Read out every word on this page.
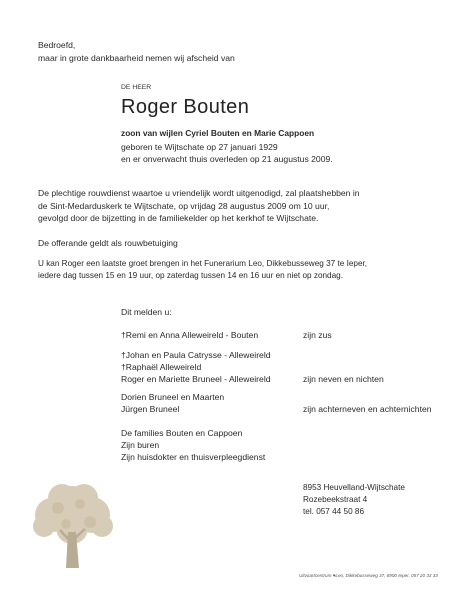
Bedroefd,
maar in grote dankbaarheid nemen wij afscheid van
DE HEER
Roger Bouten
zoon van wijlen Cyriel Bouten en Marie Cappoen
geboren te Wijtschate op 27 januari 1929
en er onverwacht thuis overleden op 21 augustus 2009.
De plechtige rouwdienst waartoe u vriendelijk wordt uitgenodigd, zal plaatshebben in
de Sint-Medarduskerk te Wijtschate, op vrijdag 28 augustus 2009 om 10 uur,
gevolgd door de bijzetting in de familiekelder op het kerkhof te Wijtschate.
De offerande geldt als rouwbetuiging
U kan Roger een laatste groet brengen in het Funerarium Leo, Dikkebusseweg 37 te Ieper,
iedere dag tussen 15 en 19 uur, op zaterdag tussen 14 en 16 uur en niet op zondag.
Dit melden u:
†Remi en Anna Alleweireld - Bouten	zijn zus
†Johan en Paula Catrysse - Alleweireld
†Raphaël Alleweireld
Roger en Mariette Bruneel - Alleweireld	zijn neven en nichten
Dorien Bruneel en Maarten
Jürgen Bruneel	zijn achterneven en achternichten
De families Bouten en Cappoen
Zijn buren
Zijn huisdokter en thuisverpleegdienst
8953 Heuvelland-Wijtschate
Rozebeekstraat 4
tel. 057 44 50 86
Uitvaartcentrum ♥Leo, Dikkebusseweg 37, 8900 Ieper, 057 20 33 33
